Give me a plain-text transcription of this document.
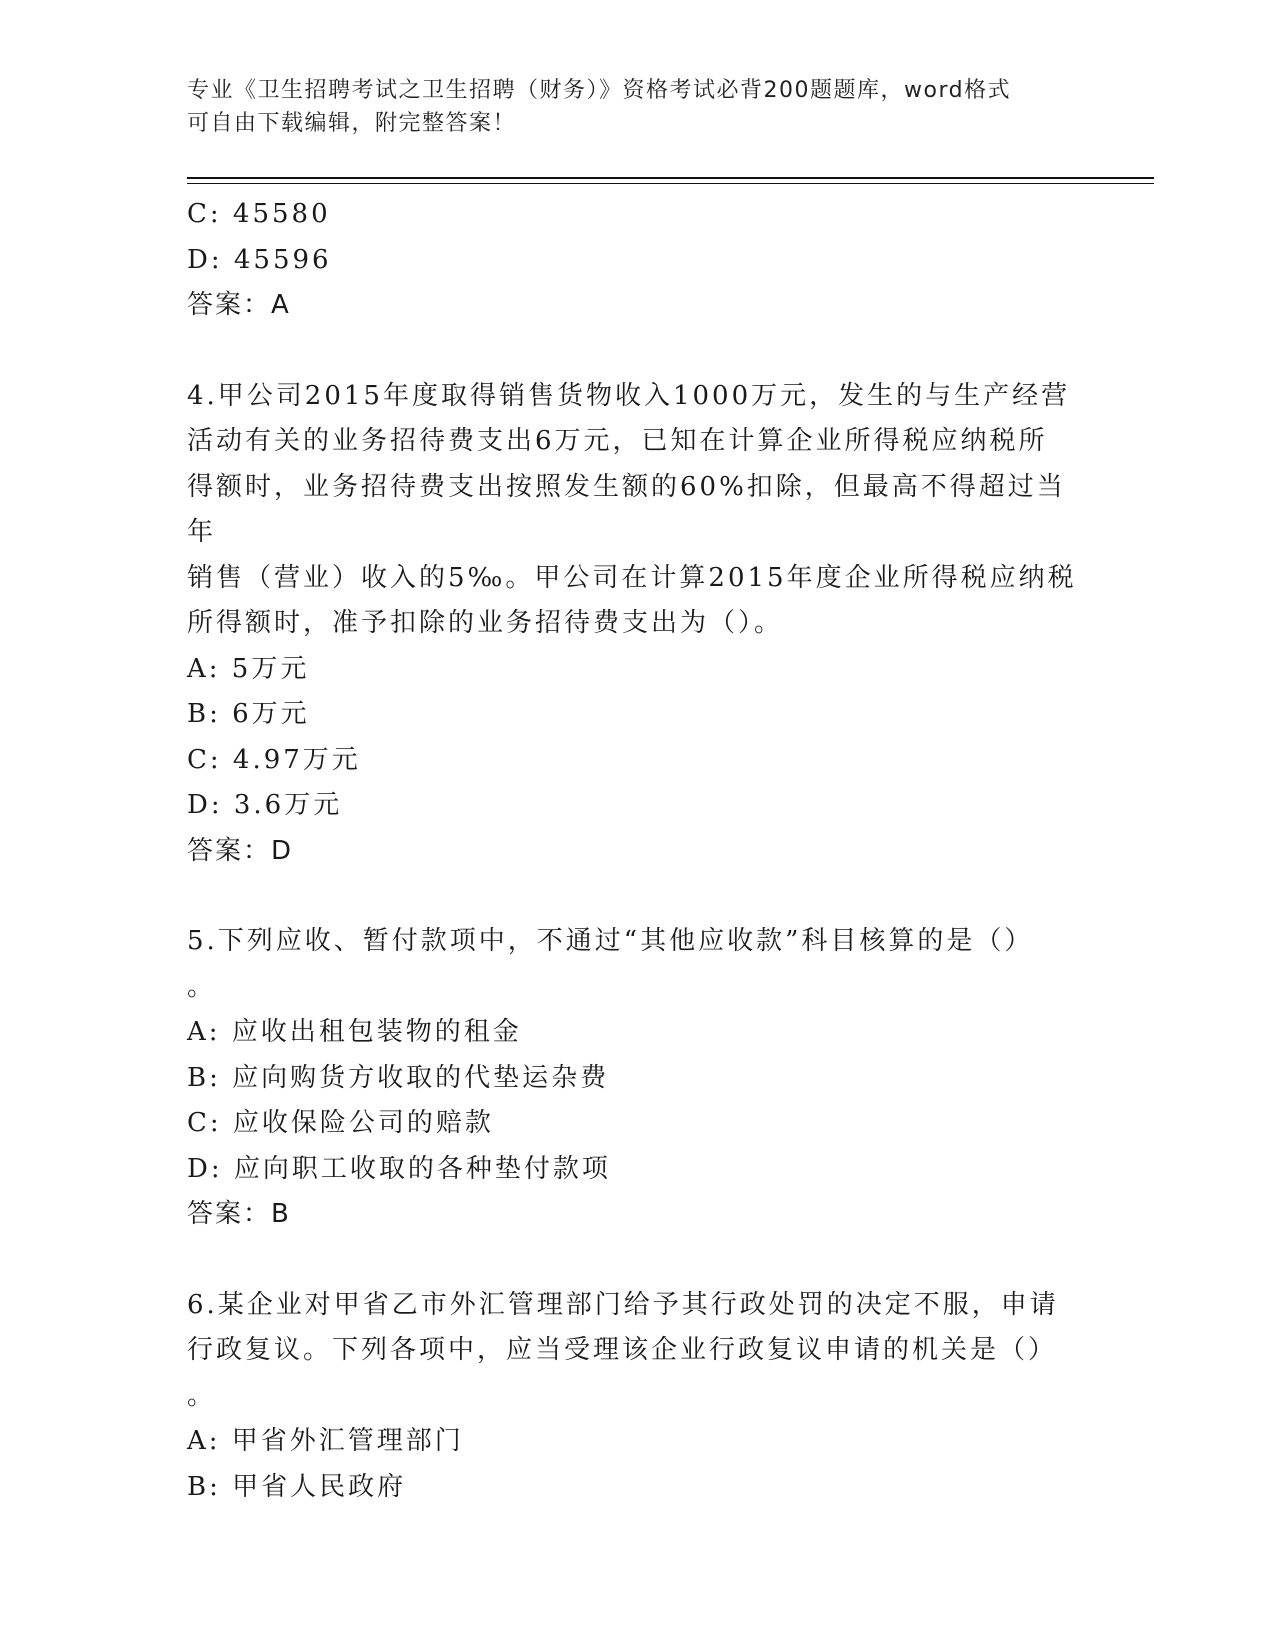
专业《卫生招聘考试之卫生招聘（财务）》资格考试必背200题题库，word格式
可自由下载编辑，附完整答案！
C: 45580
D: 45596
答案：A
4.甲公司2015年度取得销售货物收入1000万元，发生的与生产经营
活动有关的业务招待费支出6万元，已知在计算企业所得税应纳税所
得额时，业务招待费支出按照发生额的60%扣除，但最高不得超过当年
销售（营业）收入的5‰。甲公司在计算2015年度企业所得税应纳税
所得额时，准予扣除的业务招待费支出为（）。
A: 5万元
B: 6万元
C: 4.97万元
D: 3.6万元
答案：D
5.下列应收、暂付款项中，不通过“其他应收款”科目核算的是（）
。
A: 应收出租包装物的租金
B: 应向购货方收取的代垫运杂费
C: 应收保险公司的赔款
D: 应向职工收取的各种垫付款项
答案：B
6.某企业对甲省乙市外汇管理部门给予其行政处罚的决定不服，申请
行政复议。下列各项中，应当受理该企业行政复议申请的机关是（）
。
A: 甲省外汇管理部门
B: 甲省人民政府
